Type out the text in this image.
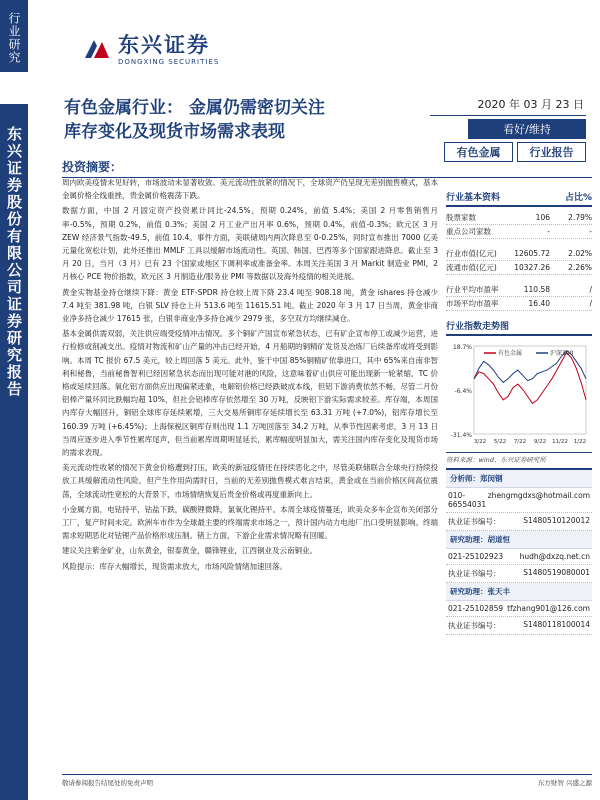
行业研究
东兴证券股份有限公司证券研究报告
东兴证券
DONGXING SECURITIES
有色金属行业： 金属仍需密切关注
库存变化及现货市场需求表现
2020 年 03 月 23 日
看好/维持
有色金属	行业报告
投资摘要：

周内欧美疫情未见好转，市场波动未显著收敛。美元流动性放紧的情况下，全球资产仍呈现无差别抛售模式，基本金属价格全线重挫，贵金属价格震荡下跌。

数据方面，中国 2 月固定资产投资累计同比-24.5%，预期 0.24%，前值 5.4%；美国 2 月零售销售月率-0.5%，预期 0.2%，前值 0.3%；美国 2 月工业产出月率 0.6%，预期 0.4%，前值-0.3%；欧元区 3 月 ZEW 经济景气指数-49.5，前值 10.4。事件方面，美联储周内两次降息至 0-0.25%，同时宣布推出 7000 亿美元量化宽松计划，此外还推出 MMLF 工具以缓解市场流动性。英国、韩国、巴西等多个国家跟进降息。截止至 3 月 20 日，当月（3 月）已有 23 个国家或地区下调利率或准备金率。本周关注美国 3 月 Markit 制造业 PMI，2 月核心 PCE 物价指数，欧元区 3 月制造业/服务业 PMI 等数据以及海外疫情的相关进展。

黄金实物基金持仓继续下降：黄金 ETF-SPDR 持仓较上周下降 23.4 吨至 908.18 吨，黄金 ishares 持仓减少 7.4 吨至 381.98 吨，白银 SLV 持仓上升 513.6 吨至 11615.51 吨。截止 2020 年 3 月 17 日当周，黄金非商业净多持仓减少 17615 张，白银非商业净多持仓减少 2979 张，多空双方均继续减仓。

基本金属供需双弱，关注供应端受疫情冲击情况。多个铜矿产国宣布紧急状态，已有矿企宣布停工或减少运营，进行检修或削减支出。疫情对物流和矿山产量的冲击已经开始，4 月船期的铜精矿发货及冶炼厂后续备库或将受到影响。本周 TC 报价 67.5 美元，较上周回落 5 美元。此外，鉴于中国 85%铜精矿依靠进口，其中 65%来自南非智利和秘鲁，当前秘鲁智利已经因紧急状态而出现可能对港的风险，这意味着矿山供应可能出现新一轮紧缩，TC 价格或延续回落。氧化铝方面供应出现偏紧迹象，电解铝价格已经跌破成本线，但铝下游消费依然不畅，尽管二月份铝棒产量环同比跌幅均超 10%，但社会铝棒库存依然增至 30 万吨，反映铝下游实际需求较差。库存端，本周国内库存大幅回升，铜铝全球库存延续累增，三大交易所铜库存延续增长至 63.31 万吨 (+7.0%)，铝库存增长至 160.39 万吨 (+6.45%)；上海保税区铜库存则出现 1.1 万吨回落至 34.2 万吨，从季节性因素考虑，3 月 13 日当周应逐步进入季节性累库尾声，但当前累库周期明显延长，累库幅度明显加大，需关注国内库存变化及现货市场的需求表现。

美元流动性收紧的情况下黄金价格遭到打压，欧美的新冠疫情还在持续恶化之中，尽管美联储联合全球央行持续投放工具缓解流动性风险，但产生作用尚需时日，当前的无差别抛售模式难言结束，黄金或在当前价格区间高位震荡，全球流动性宽松的大背景下，市场情绪恢复后贵金价格或再度重新向上。

小金属方面，电钴持平，钴盐下跌，碳酸锂微降，氯氧化锂持平。本周全球疫情蔓延，欧美众多车企宣布关闭部分工厂，复产时间未定。欧洲车市作为全球最主要的终端需求市场之一，预计国内动力电池厂出口受明显影响。终端需求短期恶化对钴锂产品价格形成压制。锗上方面，下游企业需求情况略有回暖。

建议关注紫金矿业，山东黄金，银泰黄金，赣锋锂业，江西铜业及云南铜业。

风险提示：库存大幅增长，现货需求放大，市场风险情绪加速回落。

行业基本资料	占比%
股票家数	106	2.79%
重点公司家数	-	-
行业市值(亿元)	12605.72	2.02%
流通市值(亿元)	10327.26	2.26%
行业平均市盈率	110.58	/
市场平均市盈率	16.40	/
行业指数走势图
18.7%
-6.4%
-31.4%
3/22 5/22 7/22 9/22 11/22 1/22
有色金属	沪深300
资料来源：wind、东兴证券研究所
分析师：郑闵钢
010-66554031
zhengmgdxs@hotmail.com
执业证书编号：	S1480510120012
研究助理：胡道恒
021-25102923 hudh@dxzq.net.cn
执业证书编号：	S1480519080001
研究助理：张天丰
021-25102859 tfzhang901@126.com
执业证书编号：	S1480118100014
敬请参阅报告结尾处的免责声明	东方财智 兴盛之源
